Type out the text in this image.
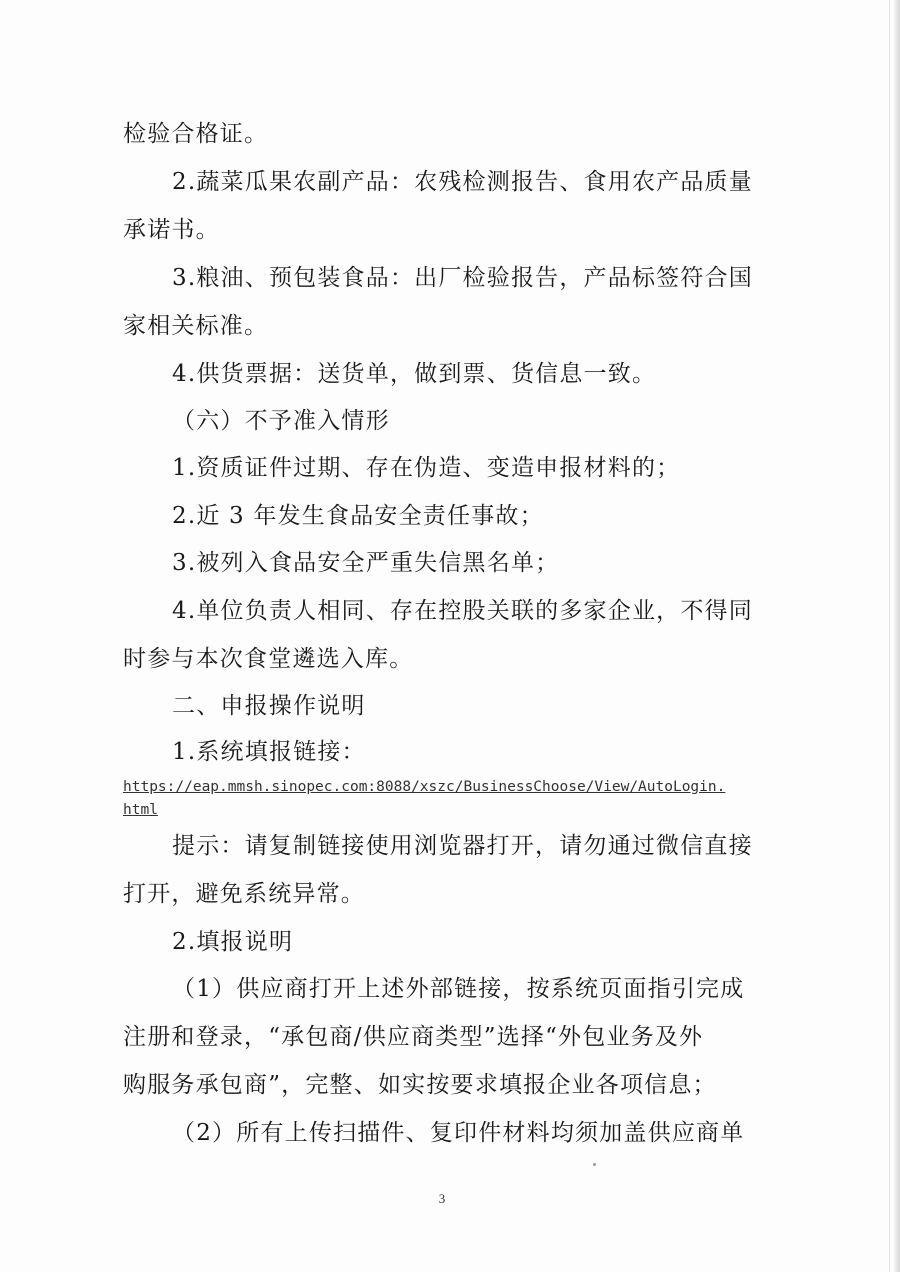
检验合格证。
2.蔬菜瓜果农副产品：农残检测报告、食用农产品质量
承诺书。
3.粮油、预包装食品：出厂检验报告，产品标签符合国
家相关标准。
4.供货票据：送货单，做到票、货信息一致。
（六）不予准入情形
1.资质证件过期、存在伪造、变造申报材料的；
2.近 3 年发生食品安全责任事故；
3.被列入食品安全严重失信黑名单；
4.单位负责人相同、存在控股关联的多家企业，不得同
时参与本次食堂遴选入库。
二、申报操作说明
1.系统填报链接：
https://eap.mmsh.sinopec.com:8088/xszc/BusinessChoose/View/AutoLogin.
html
提示：请复制链接使用浏览器打开，请勿通过微信直接
打开，避免系统异常。
2.填报说明
（1）供应商打开上述外部链接，按系统页面指引完成
注册和登录，“承包商/供应商类型”选择“外包业务及外
购服务承包商”，完整、如实按要求填报企业各项信息；
（2）所有上传扫描件、复印件材料均须加盖供应商单
3
